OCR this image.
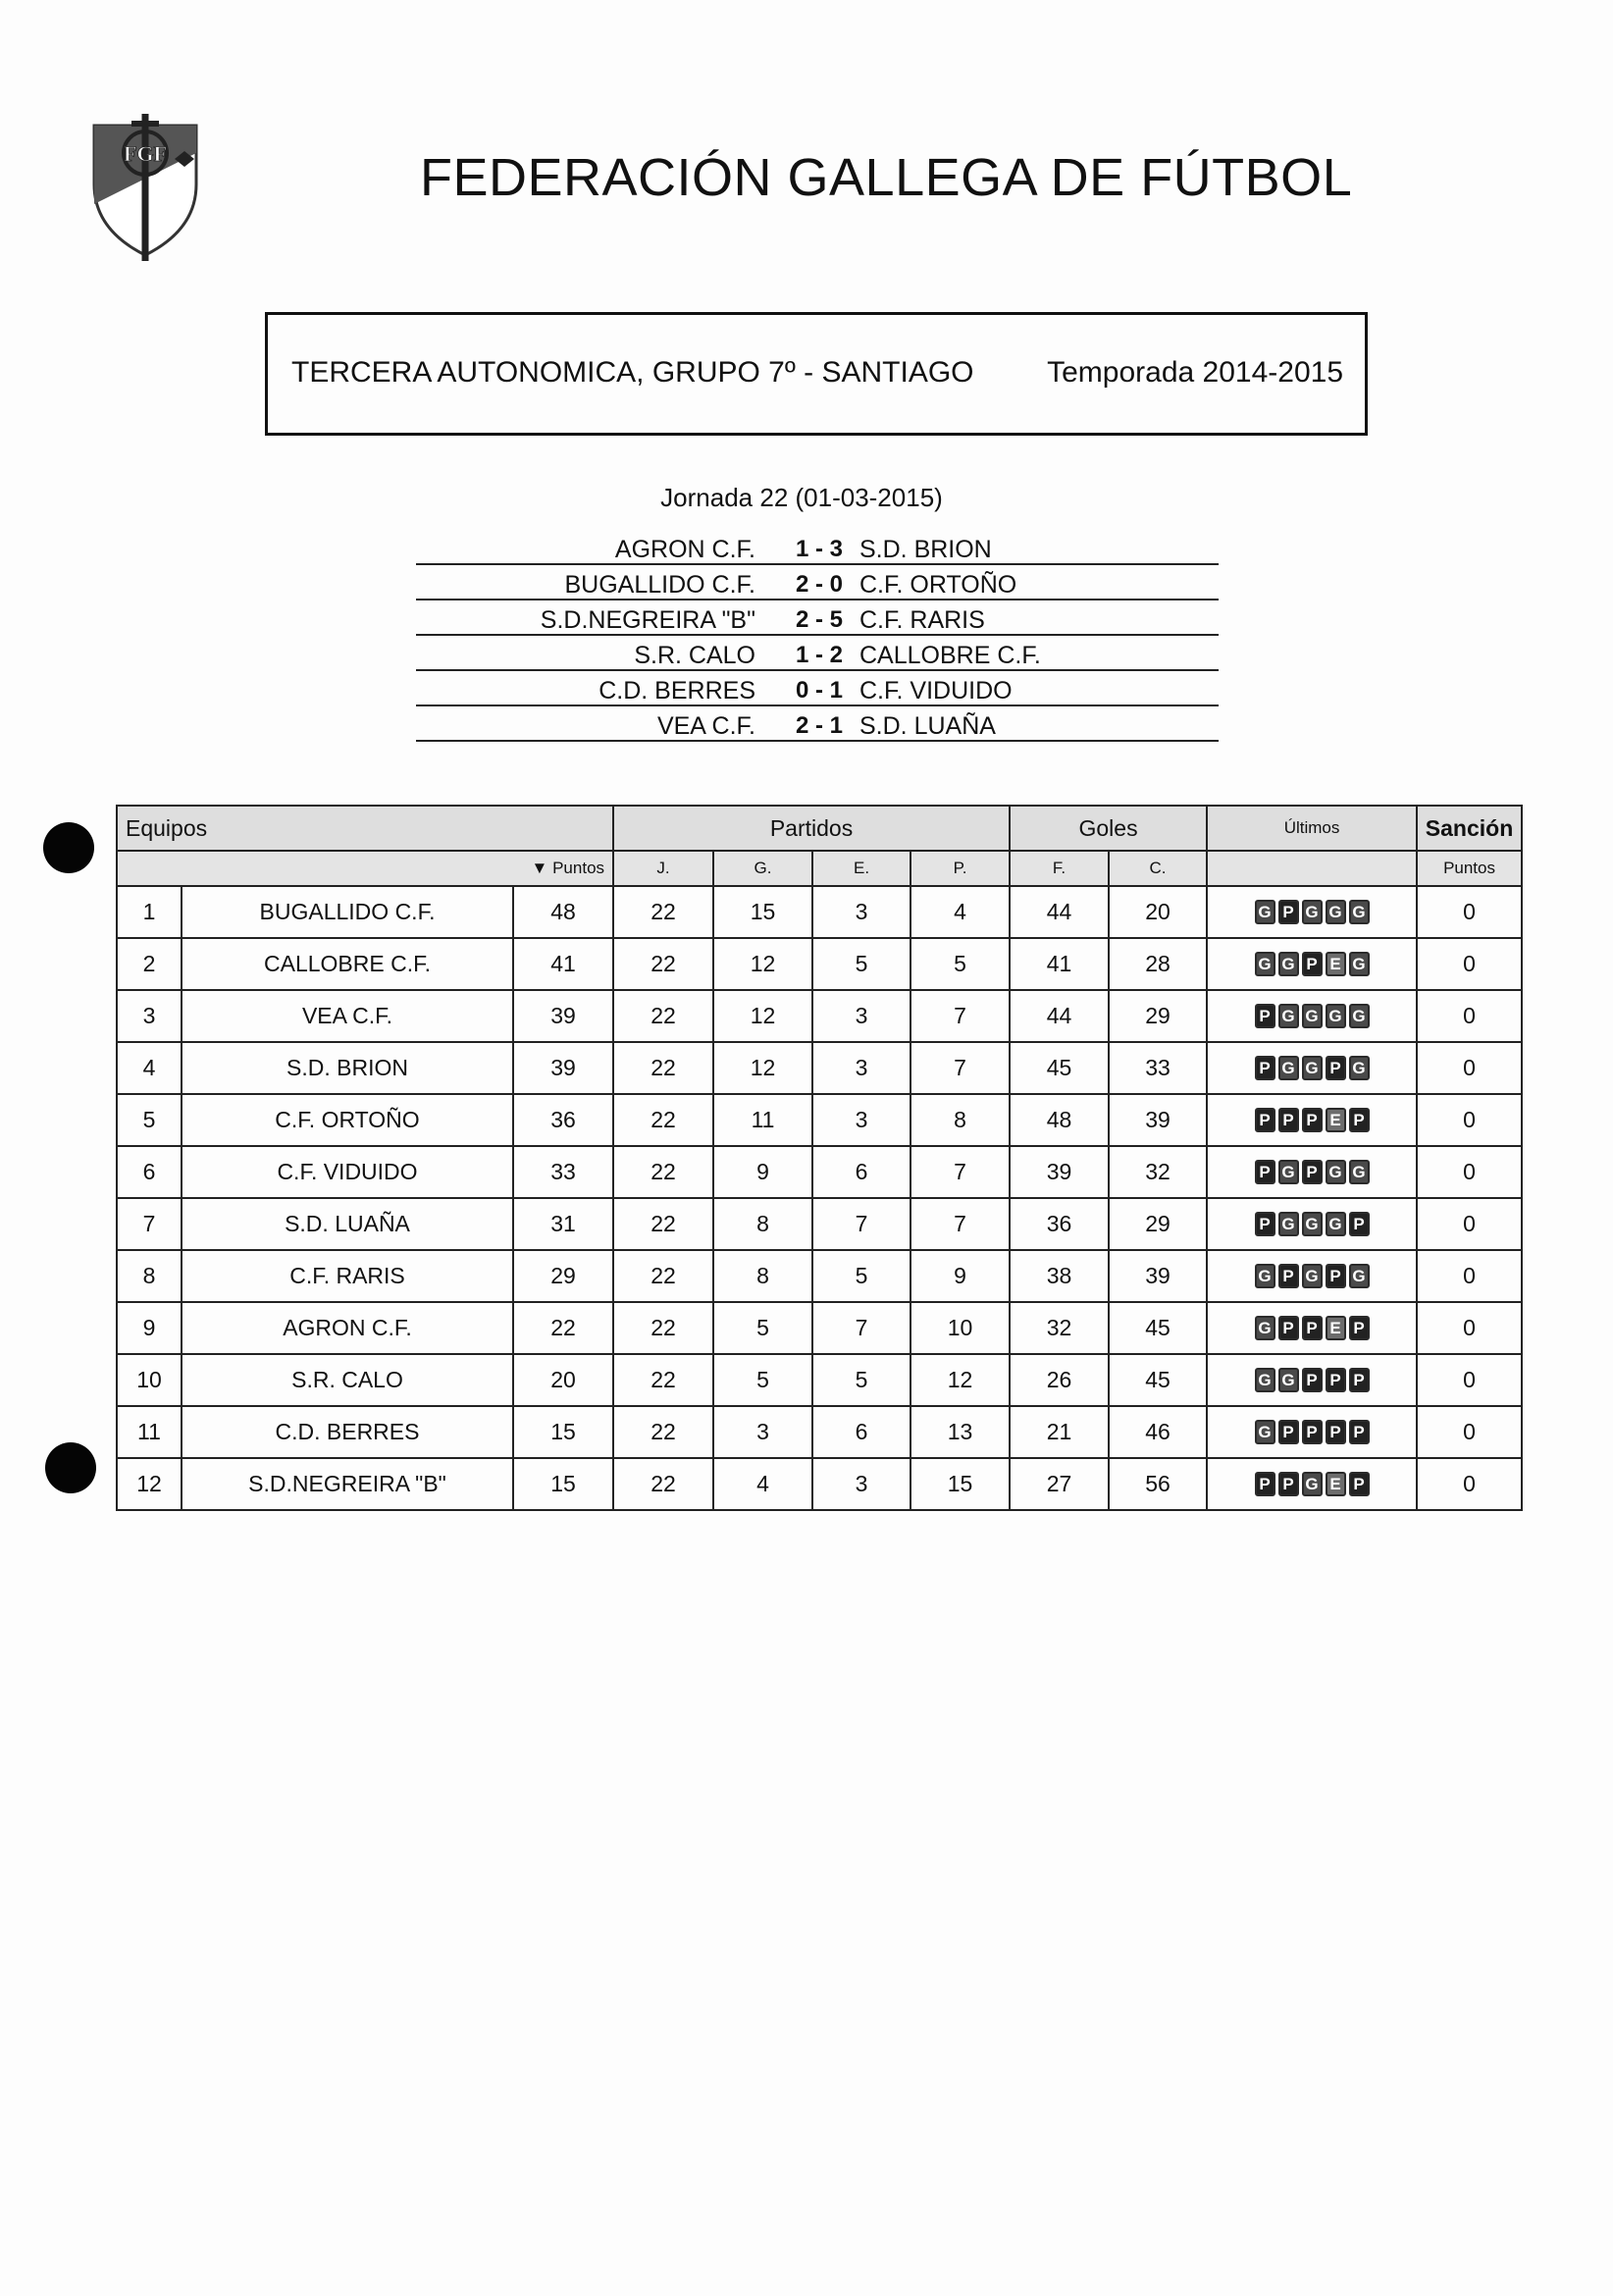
FGF	FEDERACIÓN GALLEGA DE FÚTBOL
TERCERA AUTONOMICA, GRUPO 7º - SANTIAGO Temporada 2014-2015
Jornada 22 (01-03-2015)
AGRON C.F.	1 - 3 S.D. BRION
BUGALLIDO C.F.	2 - 0 C.F. ORTOÑO
S.D.NEGREIRA "B"	2 - 5 C.F. RARIS
S.R. CALO	1 - 2 CALLOBRE C.F.
C.D. BERRES	0 - 1 C.F. VIDUIDO
VEA C.F.	2 - 1 S.D. LUAÑA
Equipos			Partidos				Goles		Últimos	Sanción
▼ Puntos			J.	G.	E.	P.	F.	C.		Puntos
1	BUGALLIDO C.F.	48	22	15	3	4	44	20	G P G G G	0
2	CALLOBRE C.F.	41	22	12	5	5	41	28	G G P E G	0
3	VEA C.F.	39	22	12	3	7	44	29	P G G G G	0
4	S.D. BRION	39	22	12	3	7	45	33	P G G P G	0
5	C.F. ORTOÑO	36	22	11	3	8	48	39	P P P E P	0
6	C.F. VIDUIDO	33	22	9	6	7	39	32	P G P G G	0
7	S.D. LUAÑA	31	22	8	7	7	36	29	P G G G P	0
8	C.F. RARIS	29	22	8	5	9	38	39	G P G P G	0
9	AGRON C.F.	22	22	5	7	10	32	45	G P P E P	0
10	S.R. CALO	20	22	5	5	12	26	45	G G P P P	0
11	C.D. BERRES	15	22	3	6	13	21	46	G P P P P	0
12	S.D.NEGREIRA "B"	15	22	4	3	15	27	56	P P G E P	0
